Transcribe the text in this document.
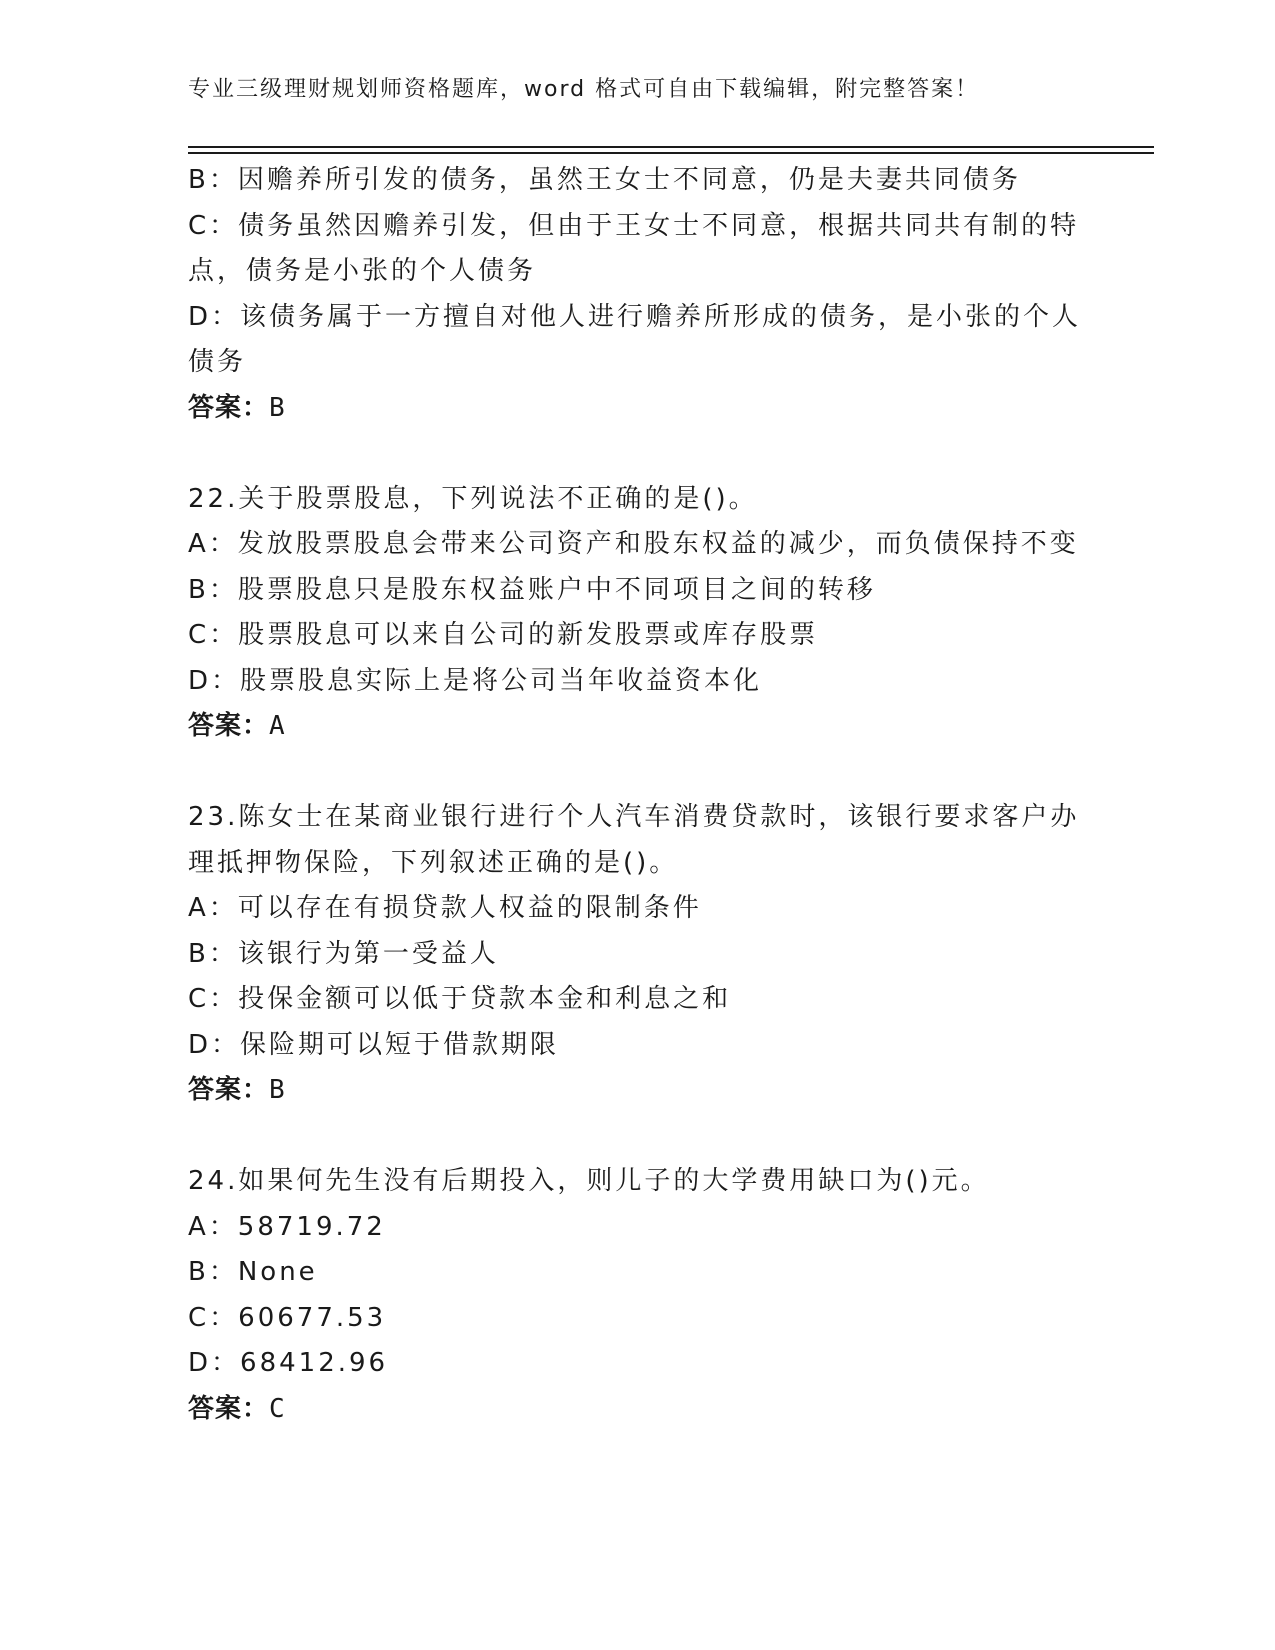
专业三级理财规划师资格题库，word 格式可自由下载编辑，附完整答案！
B：因赡养所引发的债务，虽然王女士不同意，仍是夫妻共同债务
C：债务虽然因赡养引发，但由于王女士不同意，根据共同共有制的特
点，债务是小张的个人债务
D：该债务属于一方擅自对他人进行赡养所形成的债务，是小张的个人
债务
答案：B
22.关于股票股息，下列说法不正确的是()。
A：发放股票股息会带来公司资产和股东权益的减少，而负债保持不变
B：股票股息只是股东权益账户中不同项目之间的转移
C：股票股息可以来自公司的新发股票或库存股票
D：股票股息实际上是将公司当年收益资本化
答案：A
23.陈女士在某商业银行进行个人汽车消费贷款时，该银行要求客户办
理抵押物保险，下列叙述正确的是()。
A：可以存在有损贷款人权益的限制条件
B：该银行为第一受益人
C：投保金额可以低于贷款本金和利息之和
D：保险期可以短于借款期限
答案：B
24.如果何先生没有后期投入，则儿子的大学费用缺口为()元。
A：58719.72
B：None
C：60677.53
D：68412.96
答案：C
